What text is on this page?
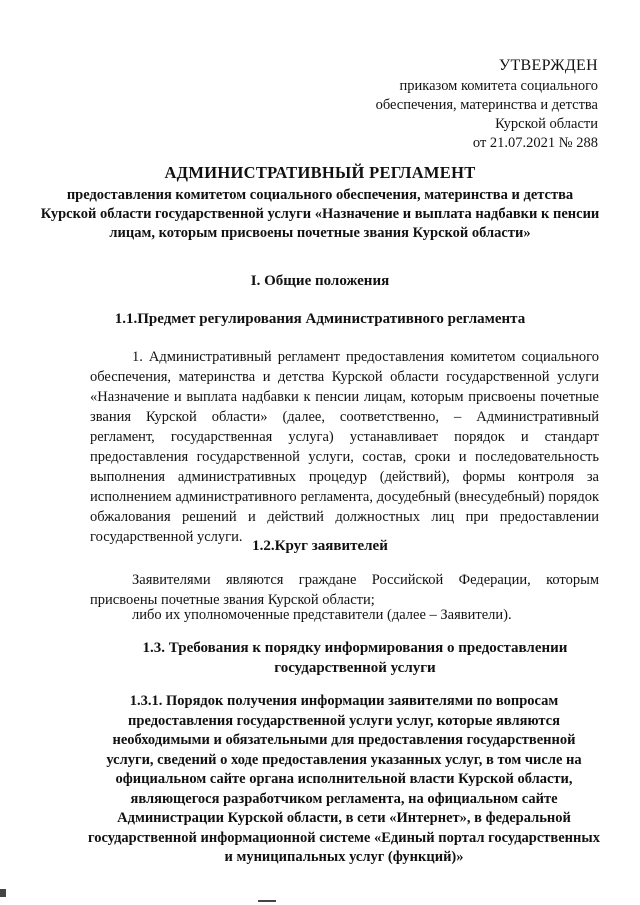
УТВЕРЖДЕН
приказом комитета социального
обеспечения, материнства и детства
Курской области
от 21.07.2021 № 288
АДМИНИСТРАТИВНЫЙ РЕГЛАМЕНТ
предоставления комитетом социального обеспечения, материнства и детства Курской области государственной услуги «Назначение и выплата надбавки к пенсии лицам, которым присвоены почетные звания Курской области»
I. Общие положения
1.1.Предмет регулирования Административного регламента
1. Административный регламент предоставления комитетом социального обеспечения, материнства и детства Курской области государственной услуги «Назначение и выплата надбавки к пенсии лицам, которым присвоены почетные звания Курской области» (далее, соответственно, – Административный регламент, государственная услуга) устанавливает порядок и стандарт предоставления государственной услуги, состав, сроки и последовательность выполнения административных процедур (действий), формы контроля за исполнением административного регламента, досудебный (внесудебный) порядок обжалования решений и действий должностных лиц при предоставлении государственной услуги.
1.2.Круг заявителей
Заявителями являются граждане Российской Федерации, которым присвоены почетные звания Курской области;
либо их уполномоченные представители (далее – Заявители).
1.3. Требования к порядку информирования о предоставлении государственной услуги
1.3.1. Порядок получения информации заявителями по вопросам предоставления государственной услуги услуг, которые являются необходимыми и обязательными для предоставления государственной услуги, сведений о ходе предоставления указанных услуг, в том числе на официальном сайте органа исполнительной власти Курской области, являющегося разработчиком регламента, на официальном сайте Администрации Курской области, в сети «Интернет», в федеральной государственной информационной системе «Единый портал государственных и муниципальных услуг (функций)»
